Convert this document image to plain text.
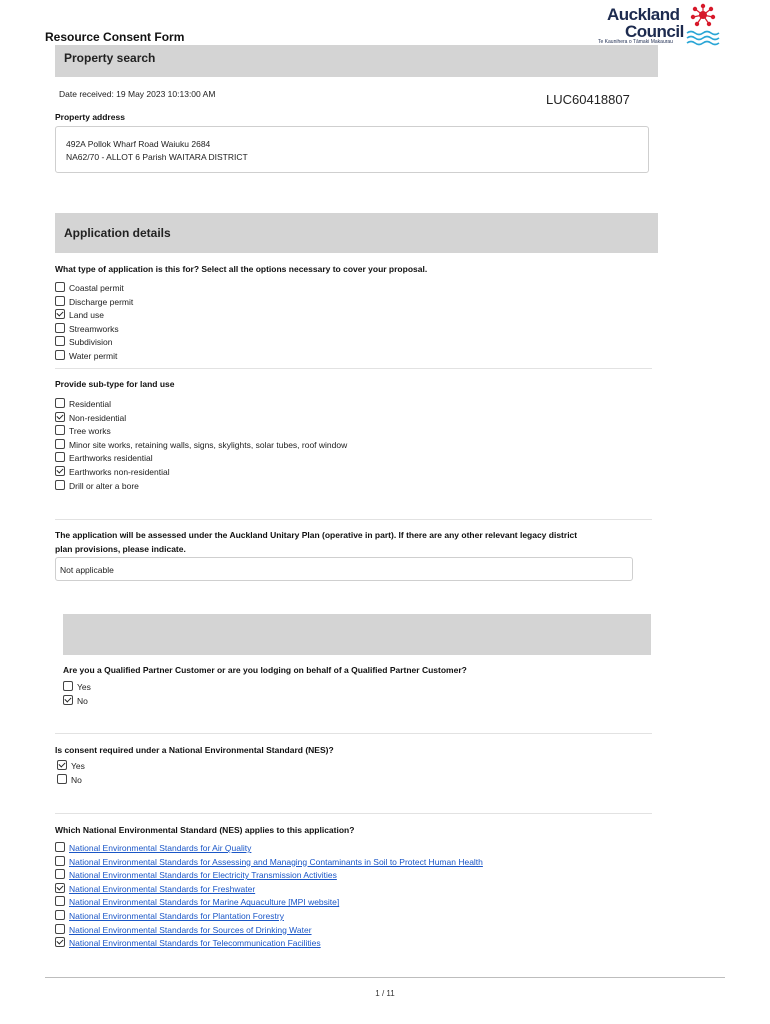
Resource Consent Form
Auckland
Council
Te Kaunihera o Tāmaki Makaurau
Property search
Date received: 19 May 2023 10:13:00 AM	LUC60418807
Property address
492A Pollok Wharf Road Waiuku 2684
NA62/70 - ALLOT 6 Parish WAITARA DISTRICT
Application details
What type of application is this for? Select all the options necessary to cover your proposal.
Coastal permit
Discharge permit
Land use
Streamworks
Subdivision
Water permit
Provide sub-type for land use
Residential
Non-residential
Tree works
Minor site works, retaining walls, signs, skylights, solar tubes, roof window
Earthworks residential
Earthworks non-residential
Drill or alter a bore
The application will be assessed under the Auckland Unitary Plan (operative in part). If there are any other relevant legacy district
plan provisions, please indicate.
Not applicable
Are you a Qualified Partner Customer or are you lodging on behalf of a Qualified Partner Customer?
Yes
No
Is consent required under a National Environmental Standard (NES)?
Yes
No
Which National Environmental Standard (NES) applies to this application?
National Environmental Standards for Air Quality
National Environmental Standards for Assessing and Managing Contaminants in Soil to Protect Human Health
National Environmental Standards for Electricity Transmission Activities
National Environmental Standards for Freshwater
National Environmental Standards for Marine Aquaculture [MPI website]
National Environmental Standards for Plantation Forestry
National Environmental Standards for Sources of Drinking Water
National Environmental Standards for Telecommunication Facilities
1 / 11
